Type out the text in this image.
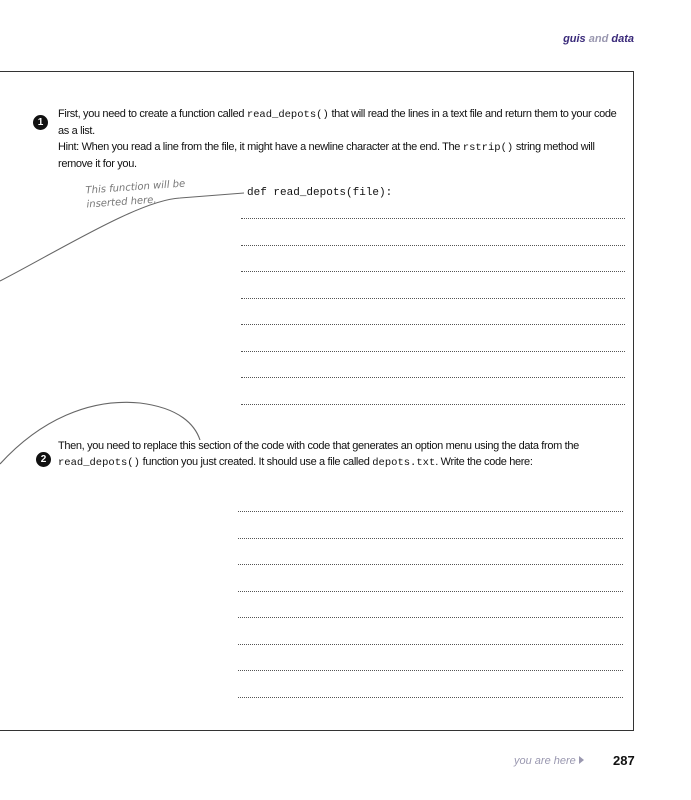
guis and data
1
First, you need to create a function called read_depots() that will read the lines in a text file and return them to your code as a list.
Hint: When you read a line from the file, it might have a newline character at the end. The rstrip() string method will remove it for you.
This function will be
inserted here.
def read_depots(file):
2
Then, you need to replace this section of the code with code that generates an option menu using the data from the read_depots() function you just created. It should use a file called depots.txt. Write the code here:
you are here	287
